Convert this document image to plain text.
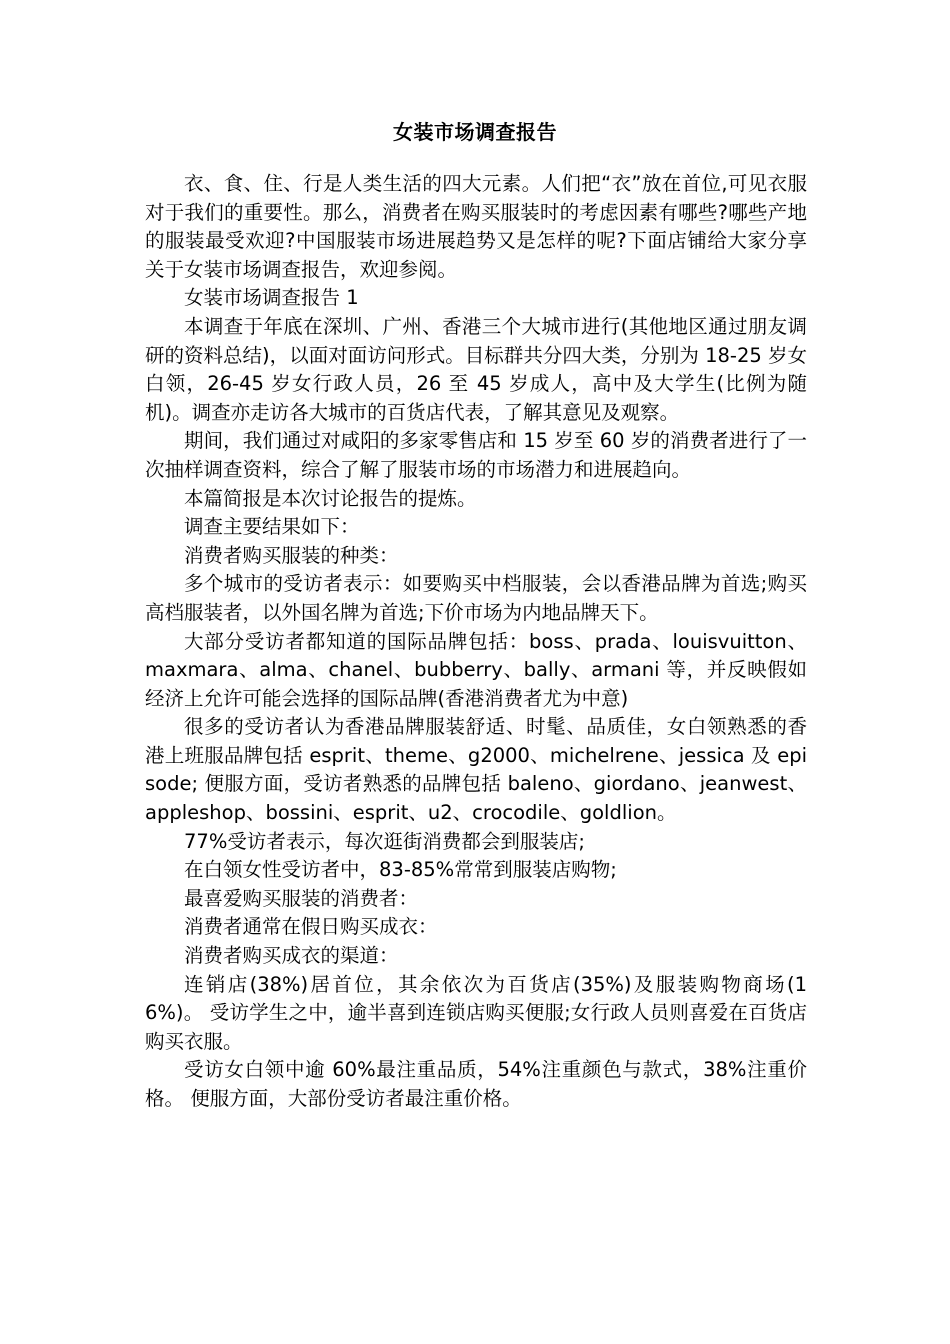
女装市场调查报告

衣、食、住、行是人类生活的四大元素。人们把“衣”放在首位,可见衣服对于我们的重要性。那么，消费者在购买服装时的考虑因素有哪些?哪些产地的服装最受欢迎?中国服装市场进展趋势又是怎样的呢?下面店铺给大家分享关于女装市场调查报告，欢迎参阅。

女装市场调查报告 1

本调查于年底在深圳、广州、香港三个大城市进行(其他地区通过朋友调研的资料总结)，以面对面访问形式。目标群共分四大类，分别为 18-25 岁女白领，26-45 岁女行政人员，26 至 45 岁成人，高中及大学生(比例为随机)。调查亦走访各大城市的百货店代表，了解其意见及观察。

期间，我们通过对咸阳的多家零售店和 15 岁至 60 岁的消费者进行了一次抽样调查资料，综合了解了服装市场的市场潜力和进展趋向。

本篇简报是本次讨论报告的提炼。

调查主要结果如下：

消费者购买服装的种类：

多个城市的受访者表示：如要购买中档服装，会以香港品牌为首选;购买高档服装者，以外国名牌为首选;下价市场为内地品牌天下。

大部分受访者都知道的国际品牌包括：boss、prada、louisvuitton、maxmara、alma、chanel、bubberry、bally、armani 等，并反映假如经济上允许可能会选择的国际品牌(香港消费者尤为中意)

很多的受访者认为香港品牌服装舒适、时髦、品质佳，女白领熟悉的香港上班服品牌包括 esprit、theme、g2000、michelrene、jessica 及 episode; 便服方面，受访者熟悉的品牌包括 baleno、giordano、jeanwest、appleshop、bossini、esprit、u2、crocodile、goldlion。

77%受访者表示，每次逛街消费都会到服装店;

在白领女性受访者中，83-85%常常到服装店购物;

最喜爱购买服装的消费者：

消费者通常在假日购买成衣：

消费者购买成衣的渠道：

连销店(38%)居首位，其余依次为百货店(35%)及服装购物商场(16%)。 受访学生之中，逾半喜到连锁店购买便服;女行政人员则喜爱在百货店购买衣服。

受访女白领中逾 60%最注重品质，54%注重颜色与款式，38%注重价格。 便服方面，大部份受访者最注重价格。
